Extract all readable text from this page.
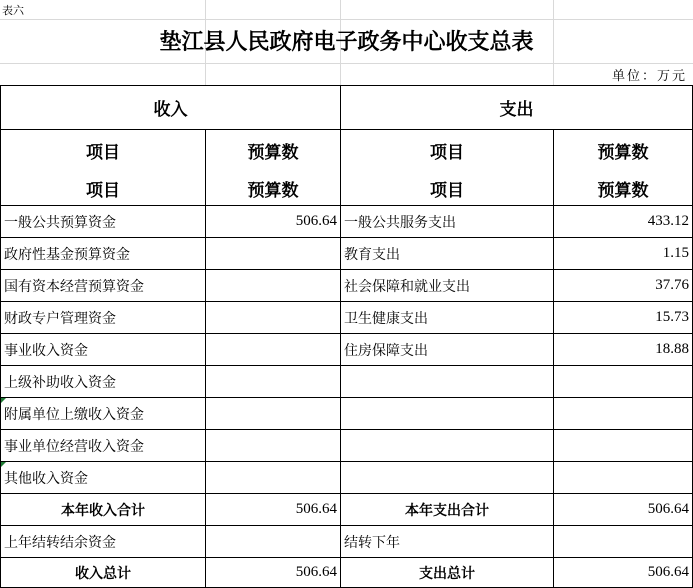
表六
垫江县人民政府电子政务中心收支总表
单位：万元
收入		支出	
项目	预算数	项目	预算数
项目	预算数	项目	预算数
一般公共预算资金	506.64	一般公共服务支出	433.12
政府性基金预算资金		教育支出	1.15
国有资本经营预算资金		社会保障和就业支出	37.76
财政专户管理资金		卫生健康支出	15.73
事业收入资金		住房保障支出	18.88
上级补助收入资金			
附属单位上缴收入资金			
事业单位经营收入资金			
其他收入资金			
本年收入合计	506.64	本年支出合计	506.64
上年结转结余资金		结转下年	
收入总计	506.64	支出总计	506.64
